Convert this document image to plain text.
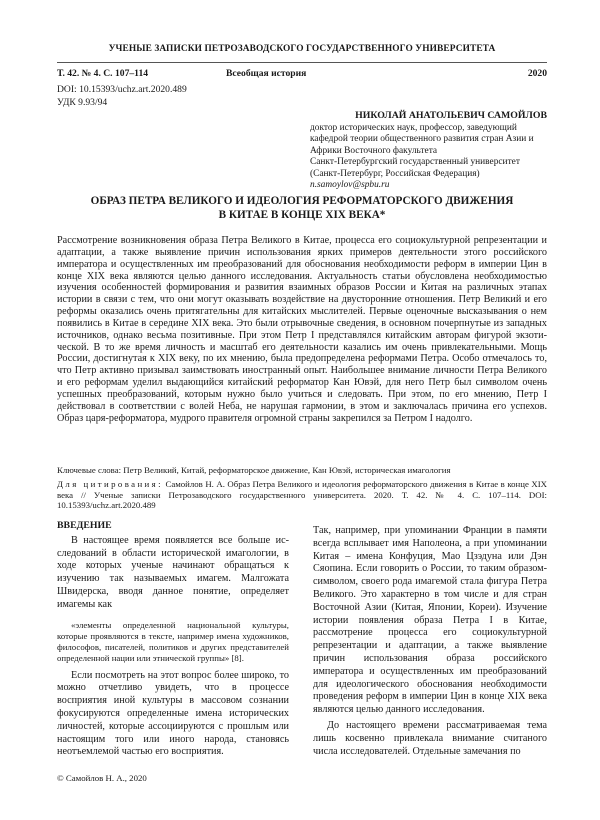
УЧЕНЫЕ ЗАПИСКИ ПЕТРОЗАВОДСКОГО ГОСУДАРСТВЕННОГО УНИВЕРСИТЕТА
Т. 42. № 4. С. 107–114	Всеобщая история	2020
DOI: 10.15393/uchz.art.2020.489
УДК 9.93/94
НИКОЛАЙ АНАТОЛЬЕВИЧ САМОЙЛОВ
доктор исторических наук, профессор, заведующий кафедрой теории общественного развития стран Азии и Африки Восточного факультета
Санкт-Петербургский государственный университет
(Санкт-Петербург, Российская Федерация)
n.samoylov@spbu.ru
ОБРАЗ ПЕТРА ВЕЛИКОГО И ИДЕОЛОГИЯ РЕФОРМАТОРСКОГО ДВИЖЕНИЯ
В КИТАЕ В КОНЦЕ XIX ВЕКА*

Рассмотрение возникновения образа Петра Великого в Китае, процесса его социокультурной репрезентации и адаптации, а также выявление причин использования ярких примеров деятельности этого российского императора и осуществленных им преобразований для обоснования необходимости реформ в империи Цин в конце XIX века являются целью данного исследования. Актуальность статьи обусловлена необходимостью изучения особенностей формирования и развития взаимных образов России и Китая на различных этапах истории в связи с тем, что они могут оказывать воздействие на двусторонние отношения. Петр Великий и его реформы оказались очень притягательны для китайских мыслителей. Первые оценочные высказывания о нем появились в Китае в середине XIX века. Это были отрывочные сведения, в основном почерпнутые из западных источников, однако весьма позитивные. При этом Петр I представлялся китайским авторам фигурой экзотической. В то же время личность и масштаб его деятельности казались им очень привлекательными. Мощь России, достигнутая к XIX веку, по их мнению, была предопределена реформами Петра. Особо отмечалось то, что Петр активно призывал заимствовать иностранный опыт. Наибольшее внимание личности Петра Великого и его реформам уделил выдающийся китайский реформатор Кан Ювэй, для него Петр был символом очень успешных преобразований, которым нужно было учиться и следовать. При этом, по его мнению, Петр I действовал в соответствии с волей Неба, не нарушая гармонии, в этом и заключалась причина его успехов. Образ царя-реформатора, мудрого правителя огромной страны закрепился за Петром I надолго.

Ключевые слова: Петр Великий, Китай, реформаторское движение, Кан Ювэй, историческая имагология
Для цитирования: Самойлов Н. А. Образ Петра Великого и идеология реформаторского движения в Китае в конце XIX века // Ученые записки Петрозаводского государственного университета. 2020. Т. 42. № 4. С. 107–114. DOI: 10.15393/uchz.art.2020.489
ВВЕДЕНИЕ

В настоящее время появляется все больше исследований в области исторической имагологии, в ходе которых ученые начинают обращаться к изучению так называемых имагем. Малгожата Швидерска, вводя данное понятие, определяет имагемы как

«элементы определенной национальной культуры, которые проявляются в тексте, например имена художников, философов, писателей, политиков и других представителей определенной нации или этнической группы» [8].

Если посмотреть на этот вопрос более широко, то можно отчетливо увидеть, что в процессе восприятия иной культуры в массовом сознании фокусируются определенные имена исторических личностей, которые ассоциируются с прошлым или настоящим того или иного народа, становясь неотъемлемой частью его восприятия.

Так, например, при упоминании Франции в памяти всегда всплывает имя Наполеона, а при упоминании Китая – имена Конфуция, Мао Цзэдуна или Дэн Сяопина. Если говорить о России, то таким образом-символом, своего рода имагемой стала фигура Петра Великого. Это характерно в том числе и для стран Восточной Азии (Китая, Японии, Кореи). Изучение истории появления образа Петра I в Китае, рассмотрение процесса его социокультурной репрезентации и адаптации, а также выявление причин использования образа российского императора и осуществленных им преобразований для идеологического обоснования необходимости проведения реформ в империи Цин в конце XIX века являются целью данного исследования.

До настоящего времени рассматриваемая тема лишь косвенно привлекала внимание считаного числа исследователей. Отдельные замечания по

© Самойлов Н. А., 2020
